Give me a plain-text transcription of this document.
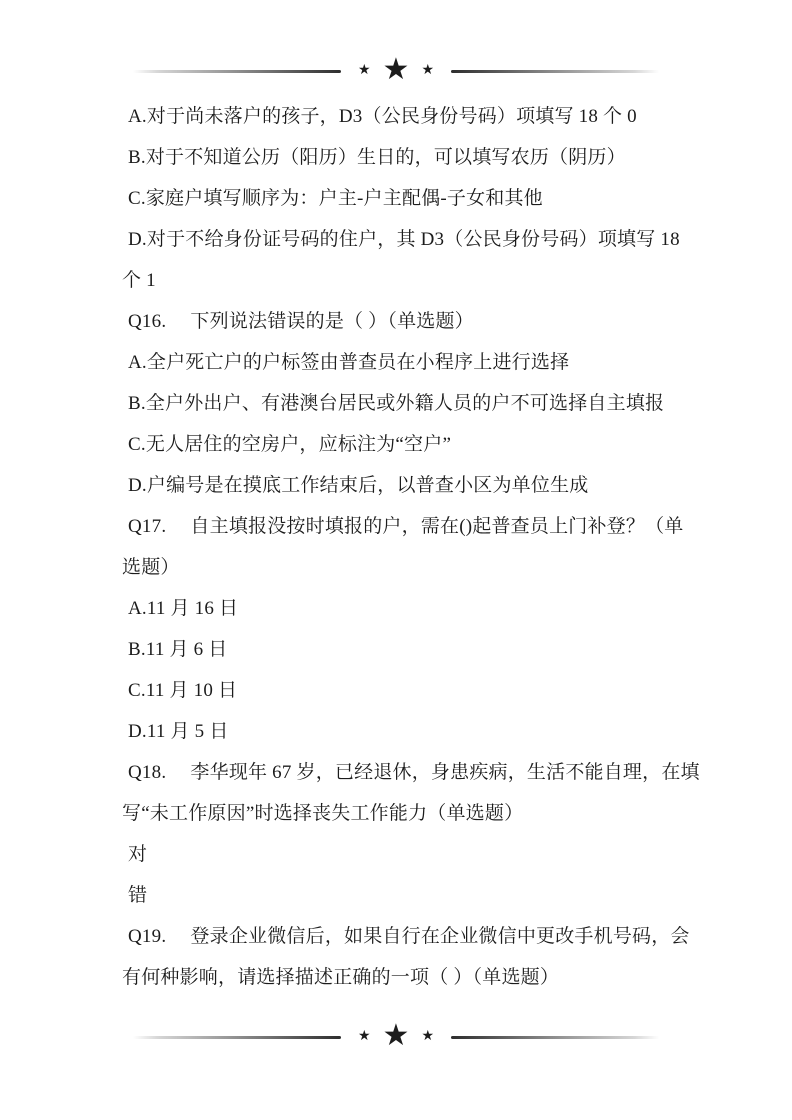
★ ★ ★

A.对于尚未落户的孩子，D3（公民身份号码）项填写 18 个 0

B.对于不知道公历（阳历）生日的，可以填写农历（阴历）

C.家庭户填写顺序为：户主-户主配偶-子女和其他

D.对于不给身份证号码的住户，其 D3（公民身份号码）项填写 18

个 1

Q16.　 下列说法错误的是（ ）（单选题）

A.全户死亡户的户标签由普查员在小程序上进行选择

B.全户外出户、有港澳台居民或外籍人员的户不可选择自主填报

C.无人居住的空房户，应标注为“空户”

D.户编号是在摸底工作结束后，以普查小区为单位生成

Q17.　 自主填报没按时填报的户，需在()起普查员上门补登？（单

选题）

A.11 月 16 日

B.11 月 6 日

C.11 月 10 日

D.11 月 5 日

Q18.　 李华现年 67 岁，已经退休，身患疾病，生活不能自理，在填

写“未工作原因”时选择丧失工作能力（单选题）

对

错

Q19.　 登录企业微信后，如果自行在企业微信中更改手机号码，会

有何种影响，请选择描述正确的一项（ ）（单选题）

★ ★ ★
